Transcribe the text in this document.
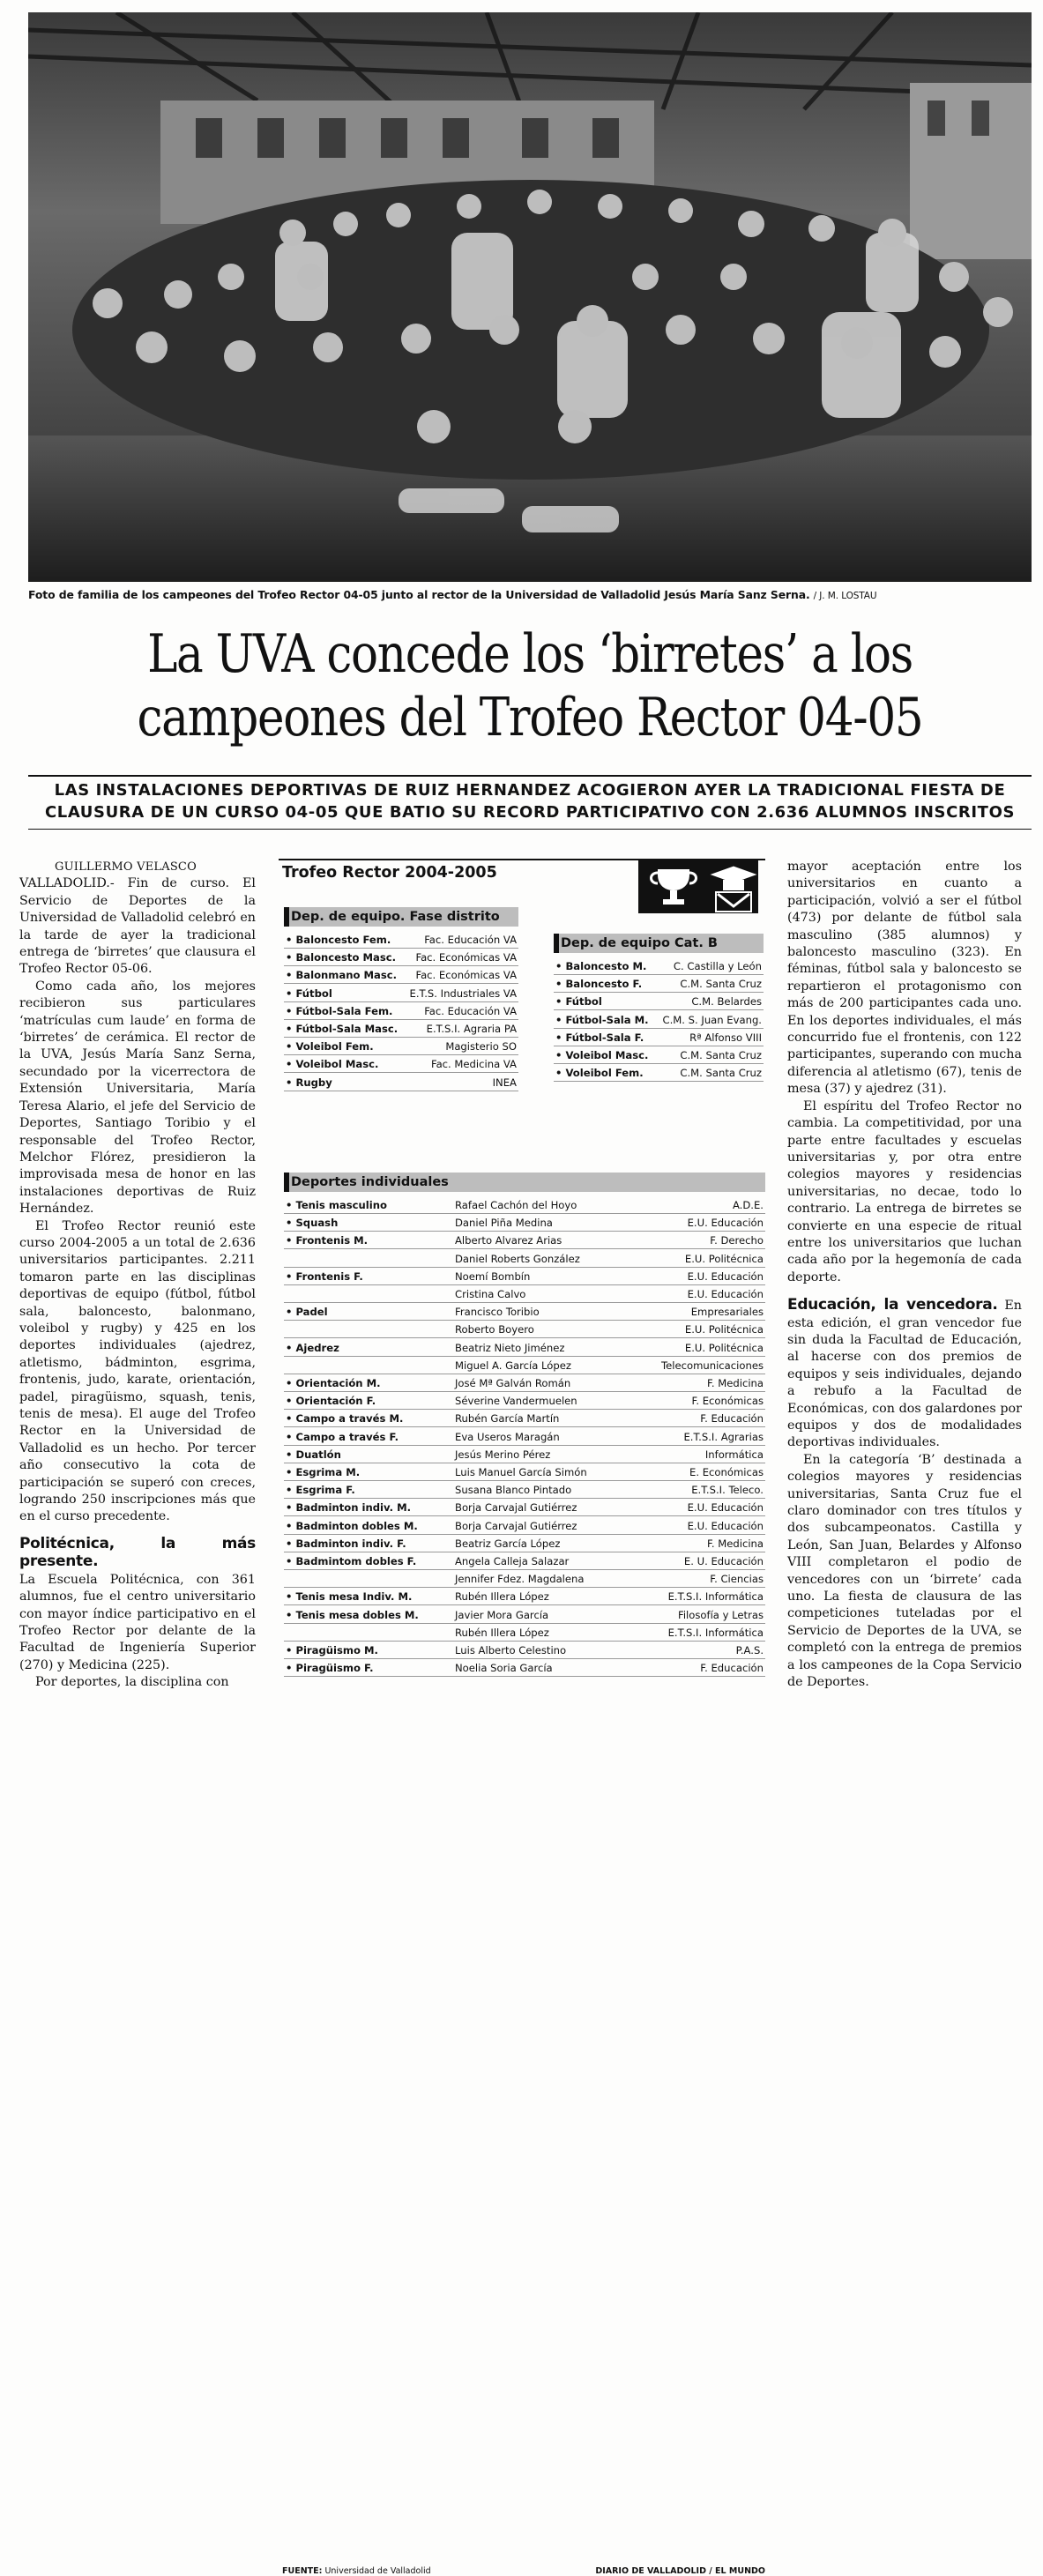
Foto de familia de los campeones del Trofeo Rector 04-05 junto al rector de la Universidad de Valladolid Jesús María Sanz Serna. / J. M. LOSTAU
La UVA concede los ‘birretes’ a los
campeones del Trofeo Rector 04-05
LAS INSTALACIONES DEPORTIVAS DE RUIZ HERNANDEZ ACOGIERON AYER LA TRADICIONAL FIESTA DE
CLAUSURA DE UN CURSO 04-05 QUE BATIO SU RECORD PARTICIPATIVO CON 2.636 ALUMNOS INSCRITOS

GUILLERMO VELASCO

VALLADOLID.- Fin de curso. El Servicio de Deportes de la Universidad de Valladolid celebró en la tarde de ayer la tradicional entrega de ‘birretes’ que clausura el Trofeo Rector 05-06.

Como cada año, los mejores recibieron sus particulares ‘matrículas cum laude’ en forma de ‘birretes’ de cerámica. El rector de la UVA, Jesús María Sanz Serna, secundado por la vicerrectora de Extensión Universitaria, María Teresa Alario, el jefe del Servicio de Deportes, Santiago Toribio y el responsable del Trofeo Rector, Melchor Flórez, presidieron la improvisada mesa de honor en las instalaciones deportivas de Ruiz Hernández.

El Trofeo Rector reunió este curso 2004-2005 a un total de 2.636 universitarios participantes. 2.211 tomaron parte en las disciplinas deportivas de equipo (fútbol, fútbol sala, baloncesto, balonmano, voleibol y rugby) y 425 en los deportes individuales (ajedrez, atletismo, bádminton, esgrima, frontenis, judo, karate, orientación, padel, piragüismo, squash, tenis, tenis de mesa). El auge del Trofeo Rector en la Universidad de Valladolid es un hecho. Por tercer año consecutivo la cota de participación se superó con creces, logrando 250 inscripciones más que en el curso precedente.

Politécnica, la más presente.

La Escuela Politécnica, con 361 alumnos, fue el centro universitario con mayor índice participativo en el Trofeo Rector por delante de la Facultad de Ingeniería Superior (270) y Medicina (225).

Por deportes, la disciplina con

mayor aceptación entre los universitarios en cuanto a participación, volvió a ser el fútbol (473) por delante de fútbol sala masculino (385 alumnos) y baloncesto masculino (323). En féminas, fútbol sala y baloncesto se repartieron el protagonismo con más de 200 participantes cada uno. En los deportes individuales, el más concurrido fue el frontenis, con 122 participantes, superando con mucha diferencia al atletismo (67), tenis de mesa (37) y ajedrez (31).

El espíritu del Trofeo Rector no cambia. La competitividad, por una parte entre facultades y escuelas universitarias y, por otra entre colegios mayores y residencias universitarias, no decae, todo lo contrario. La entrega de birretes se convierte en una especie de ritual entre los universitarios que luchan cada año por la hegemonía de cada deporte.

Educación, la vencedora. En esta edición, el gran vencedor fue sin duda la Facultad de Educación, al hacerse con dos premios de equipos y seis individuales, dejando a rebufo a la Facultad de Económicas, con dos galardones por equipos y dos de modalidades deportivas individuales.

En la categoría ‘B’ destinada a colegios mayores y residencias universitarias, Santa Cruz fue el claro dominador con tres títulos y dos subcampeonatos. Castilla y León, San Juan, Belardes y Alfonso VIII completaron el podio de vencedores con un ‘birrete’ cada uno. La fiesta de clausura de las competiciones tuteladas por el Servicio de Deportes de la UVA, se completó con la entrega de premios a los campeones de la Copa Servicio de Deportes.

Trofeo Rector 2004-2005
Dep. de equipo. Fase distrito
• Baloncesto Fem.	Fac. Educación VA
• Baloncesto Masc. Fac. Económicas VA
• Balonmano Masc. Fac. Económicas VA
• Fútbol	E.T.S. Industriales VA
• Fútbol-Sala Fem.	Fac. Educación VA
• Fútbol-Sala Masc.	E.T.S.I. Agraria PA
• Voleibol Fem.	Magisterio SO
• Voleibol Masc.	Fac. Medicina VA
• Rugby	INEA
Dep. de equipo Cat. B
• Baloncesto M.	C. Castilla y León
• Baloncesto F.	C.M. Santa Cruz
• Fútbol	C.M. Belardes
• Fútbol-Sala M. C.M. S. Juan Evang.
• Fútbol-Sala F.	Rª Alfonso VIII
• Voleibol Masc.	C.M. Santa Cruz
• Voleibol Fem.	C.M. Santa Cruz
Deportes individuales
• Tenis masculino	Rafael Cachón del Hoyo	A.D.E.
• Squash	Daniel Piña Medina	E.U. Educación
• Frontenis M.	Alberto Alvarez Arias	F. Derecho
Daniel Roberts González	E.U. Politécnica
• Frontenis F.	Noemí Bombín	E.U. Educación
Cristina Calvo	E.U. Educación
• Padel	Francisco Toribio	Empresariales
Roberto Boyero	E.U. Politécnica
• Ajedrez	Beatriz Nieto Jiménez	E.U. Politécnica
Miguel A. García López	Telecomunicaciones
• Orientación M.	José Mª Galván Román	F. Medicina
• Orientación F.	Séverine Vandermuelen	F. Económicas
• Campo a través M.	Rubén García Martín	F. Educación
• Campo a través F.	Eva Useros Maragán	E.T.S.I. Agrarias
• Duatlón	Jesús Merino Pérez	Informática
• Esgrima M.	Luis Manuel García Simón	E. Económicas
• Esgrima F.	Susana Blanco Pintado	E.T.S.I. Teleco.
• Badminton indiv. M.	Borja Carvajal Gutiérrez	E.U. Educación
• Badminton dobles M.	Borja Carvajal Gutiérrez	E.U. Educación
• Badminton indiv. F.	Beatriz García López	F. Medicina
• Badmintom dobles F.	Angela Calleja Salazar	E. U. Educación
Jennifer Fdez. Magdalena	F. Ciencias
• Tenis mesa Indiv. M.	Rubén Illera López	E.T.S.I. Informática
• Tenis mesa dobles M.	Javier Mora García	Filosofía y Letras
Rubén Illera López	E.T.S.I. Informática
• Piragüismo M.	Luis Alberto Celestino	P.A.S.
• Piragüismo F.	Noelia Soria García	F. Educación
FUENTE: Universidad de Valladolid	DIARIO DE VALLADOLID / EL MUNDO
